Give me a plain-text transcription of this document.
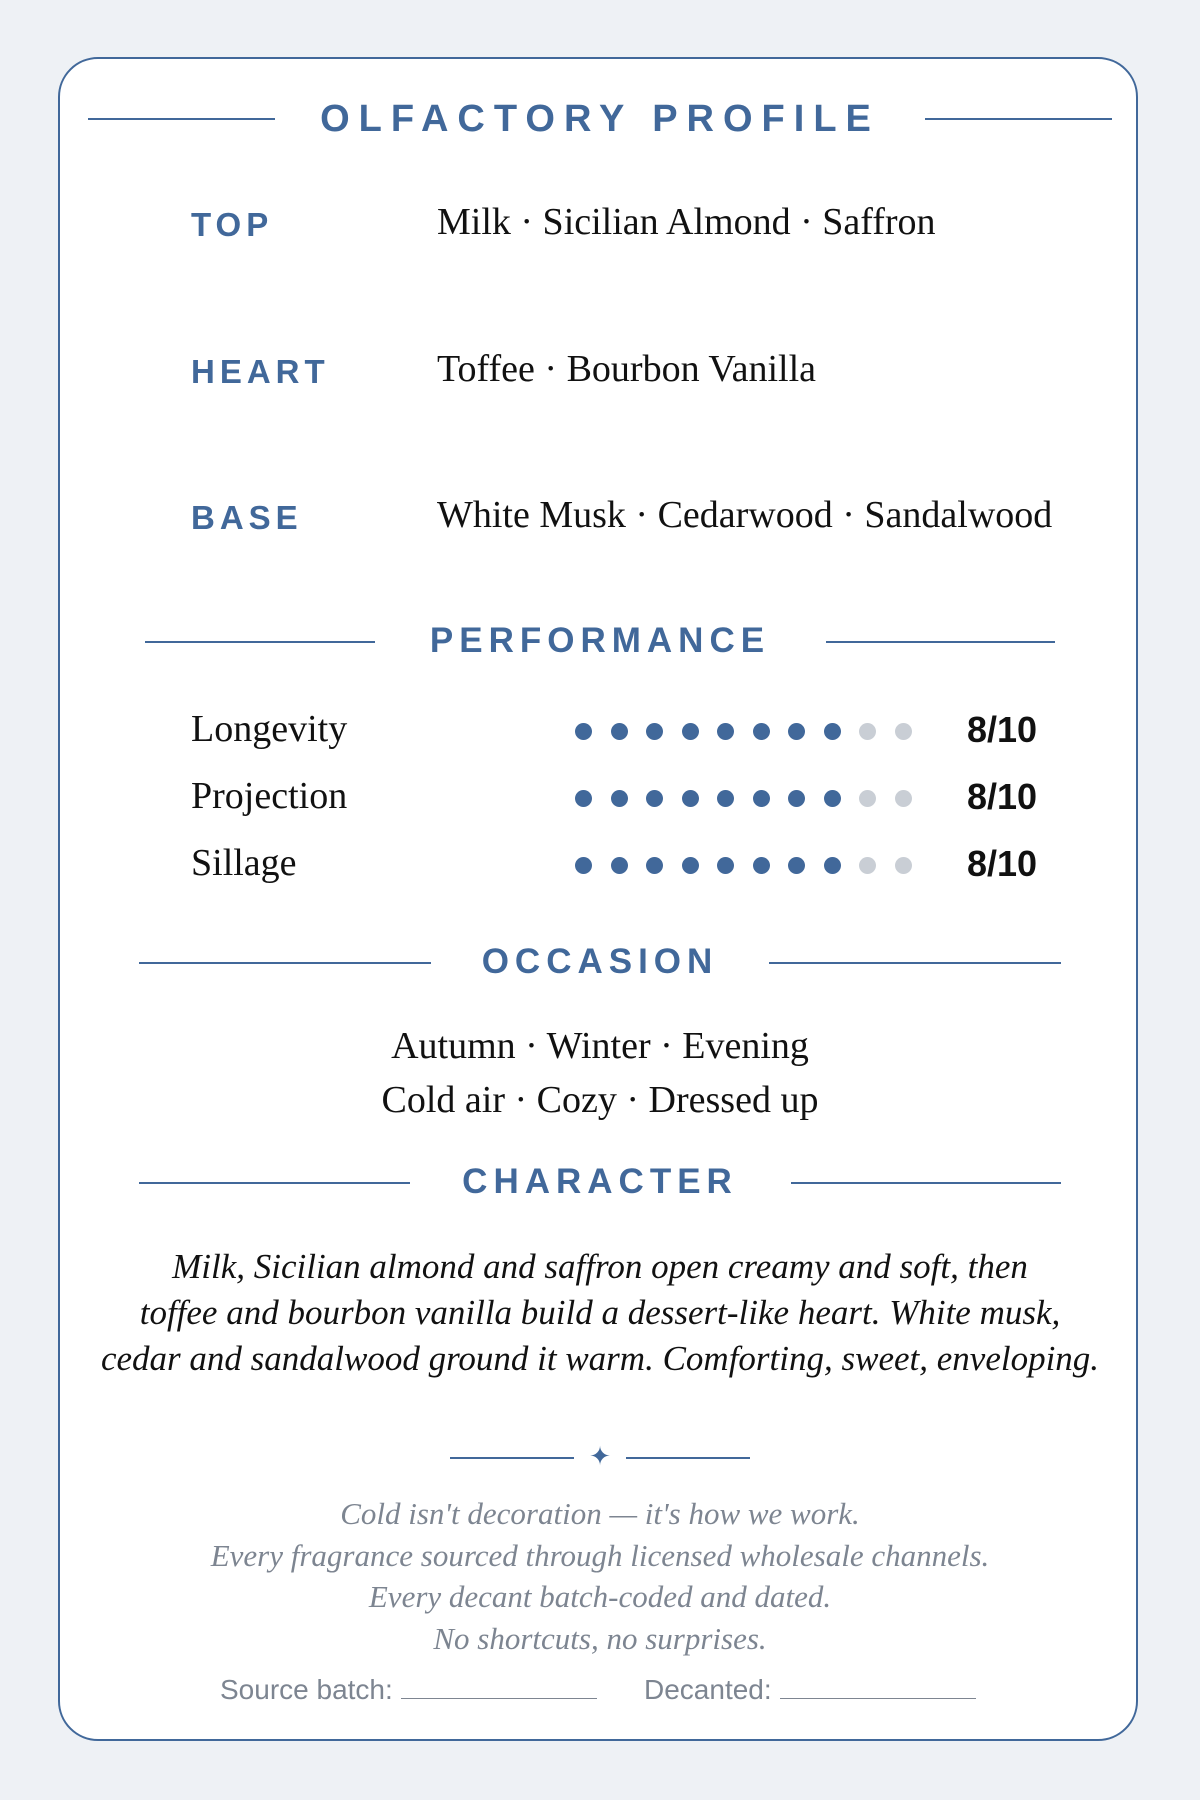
OLFACTORY PROFILE
TOP	Milk · Sicilian Almond · Saffron
HEART	Toffee · Bourbon Vanilla
BASE	White Musk · Cedarwood · Sandalwood
PERFORMANCE
Longevity	8/10
Projection	8/10
Sillage	8/10
OCCASION
Autumn · Winter · Evening
Cold air · Cozy · Dressed up
CHARACTER
Milk, Sicilian almond and saffron open creamy and soft, then
toffee and bourbon vanilla build a dessert-like heart. White musk,
cedar and sandalwood ground it warm. Comforting, sweet, enveloping.
✦
Cold isn't decoration — it's how we work.
Every fragrance sourced through licensed wholesale channels.
Every decant batch-coded and dated.
No shortcuts, no surprises.
Source batch:	Decanted:
